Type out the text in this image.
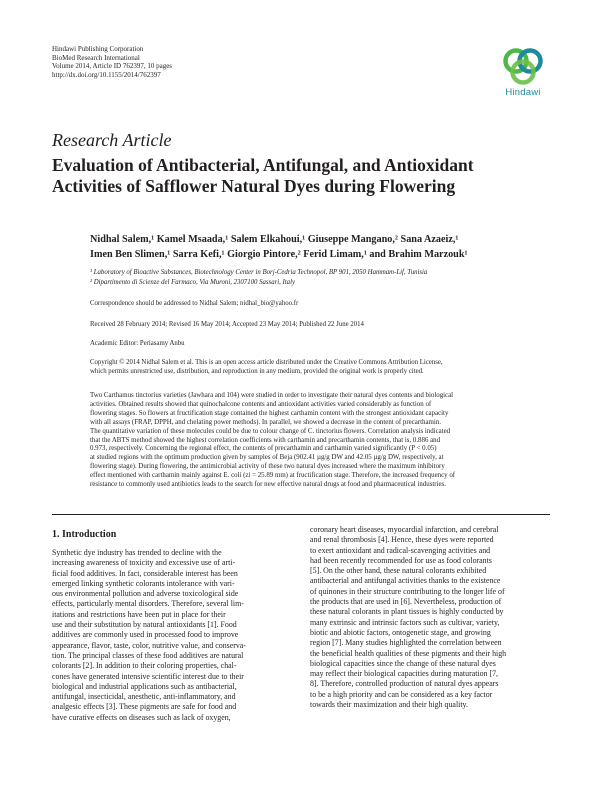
Hindawi Publishing Corporation
BioMed Research International
Volume 2014, Article ID 762397, 10 pages
http://dx.doi.org/10.1155/2014/762397
Hindawi
Research Article
Evaluation of Antibacterial, Antifungal, and Antioxidant
Activities of Safflower Natural Dyes during Flowering
Nidhal Salem,¹ Kamel Msaada,¹ Salem Elkahoui,¹ Giuseppe Mangano,² Sana Azaeiz,¹
Imen Ben Slimen,¹ Sarra Kefi,¹ Giorgio Pintore,² Ferid Limam,¹ and Brahim Marzouk¹

¹ Laboratory of Bioactive Substances, Biotechnology Center in Borj-Cedria Technopol, BP 901, 2050 Hammam-Lif, Tunisia

² Dipartimento di Scienze del Farmaco, Via Muroni, 2307100 Sassari, Italy

Correspondence should be addressed to Nidhal Salem; nidhal_bio@yahoo.fr
Received 28 February 2014; Revised 16 May 2014; Accepted 23 May 2014; Published 22 June 2014
Academic Editor: Periasamy Anbu

Copyright © 2014 Nidhal Salem et al. This is an open access article distributed under the Creative Commons Attribution License,

which permits unrestricted use, distribution, and reproduction in any medium, provided the original work is properly cited.

Two Carthamus tinctorius varieties (Jawhara and 104) were studied in order to investigate their natural dyes contents and biological

activities. Obtained results showed that quinochalcone contents and antioxidant activities varied considerably as function of

flowering stages. So flowers at fructification stage contained the highest carthamin content with the strongest antioxidant capacity

with all assays (FRAP, DPPH, and chelating power methods). In parallel, we showed a decrease in the content of precarthamin.

The quantitative variation of these molecules could be due to colour change of C. tinctorius flowers. Correlation analysis indicated

that the ABTS method showed the highest correlation coefficients with carthamin and precarthamin contents, that is, 0.886 and

0.973, respectively. Concerning the regional effect, the contents of precarthamin and carthamin varied significantly (P < 0.05)

at studied regions with the optimum production given by samples of Beja (902.41 µg/g DW and 42.05 µg/g DW, respectively, at

flowering stage). During flowering, the antimicrobial activity of these two natural dyes increased where the maximum inhibitory

effect mentioned with carthamin mainly against E. coli (zi = 25.89 mm) at fructification stage. Therefore, the increased frequency of

resistance to commonly used antibiotics leads to the search for new effective natural drugs at food and pharmaceutical industries.

1. Introduction

Synthetic dye industry has trended to decline with the

increasing awareness of toxicity and excessive use of arti-

ficial food additives. In fact, considerable interest has been

emerged linking synthetic colorants intolerance with vari-

ous environmental pollution and adverse toxicological side

effects, particularly mental disorders. Therefore, several lim-

itations and restrictions have been put in place for their

use and their substitution by natural antioxidants [1]. Food

additives are commonly used in processed food to improve

appearance, flavor, taste, color, nutritive value, and conserva-

tion. The principal classes of these food additives are natural

colorants [2]. In addition to their coloring properties, chal-

cones have generated intensive scientific interest due to their

biological and industrial applications such as antibacterial,

antifungal, insecticidal, anesthetic, anti-inflammatory, and

analgesic effects [3]. These pigments are safe for food and

have curative effects on diseases such as lack of oxygen,

coronary heart diseases, myocardial infarction, and cerebral

and renal thrombosis [4]. Hence, these dyes were reported

to exert antioxidant and radical-scavenging activities and

had been recently recommended for use as food colorants

[5]. On the other hand, these natural colorants exhibited

antibacterial and antifungal activities thanks to the existence

of quinones in their structure contributing to the longer life of

the products that are used in [6]. Nevertheless, production of

these natural colorants in plant tissues is highly conducted by

many extrinsic and intrinsic factors such as cultivar, variety,

biotic and abiotic factors, ontogenetic stage, and growing

region [7]. Many studies highlighted the correlation between

the beneficial health qualities of these pigments and their high

biological capacities since the change of these natural dyes

may reflect their biological capacities during maturation [7,

8]. Therefore, controlled production of natural dyes appears

to be a high priority and can be considered as a key factor

towards their maximization and their high quality.
